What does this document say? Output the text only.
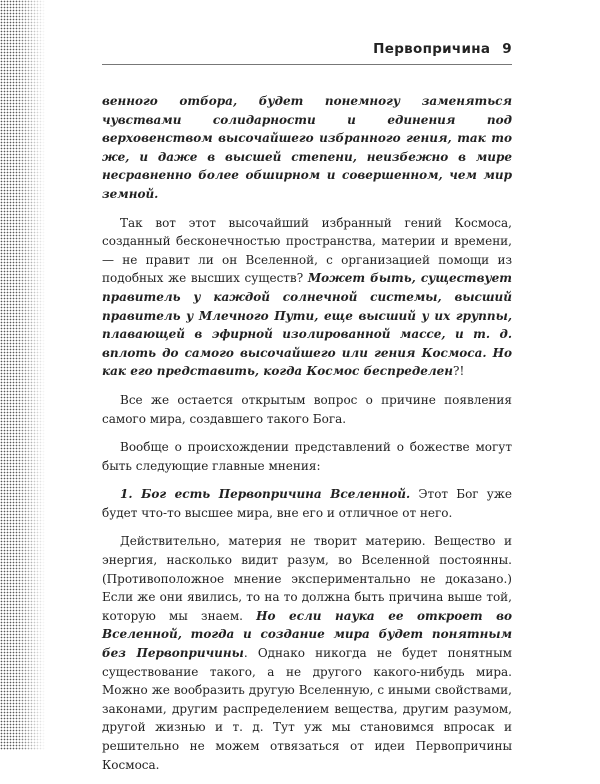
Первопричина 9

венного отбора, будет понемногу заменяться чувствами солидарности и единения под верховенством высочайшего избранного гения, так то же, и даже в высшей степени, неизбежно в мире несравненно более обширном и совершенном, чем мир земной.

Так вот этот высочайший избранный гений Космоса, созданный бесконечностью пространства, материи и времени,— не правит ли он Вселенной, с организацией помощи из подобных же высших существ? Может быть, существует правитель у каждой солнечной системы, высший правитель у Млечного Пути, еще высший у их группы, плавающей в эфирной изолированной массе, и т. д. вплоть до самого высочайшего или гения Космоса. Но как его представить, когда Космос беспределен?!

Все же остается открытым вопрос о причине появления самого мира, создавшего такого Бога.

Вообще о происхождении представлений о божестве могут быть следующие главные мнения:

1. Бог есть Первопричина Вселенной. Этот Бог уже будет что-то высшее мира, вне его и отличное от него.

Действительно, материя не творит материю. Вещество и энергия, насколько видит разум, во Вселенной постоянны. (Противоположное мнение экспериментально не доказано.) Если же они явились, то на то должна быть причина выше той, которую мы знаем. Но если наука ее откроет во Вселенной, тогда и создание мира будет понятным без Первопричины. Однако никогда не будет понятным существование такого, а не другого какого-нибудь мира. Можно же вообразить другую Вселенную, с иными свойствами, законами, другим распределением вещества, другим разумом, другой жизнью и т. д. Тут уж мы становимся впросак и решительно не можем отвязаться от идеи Первопричины Космоса.
